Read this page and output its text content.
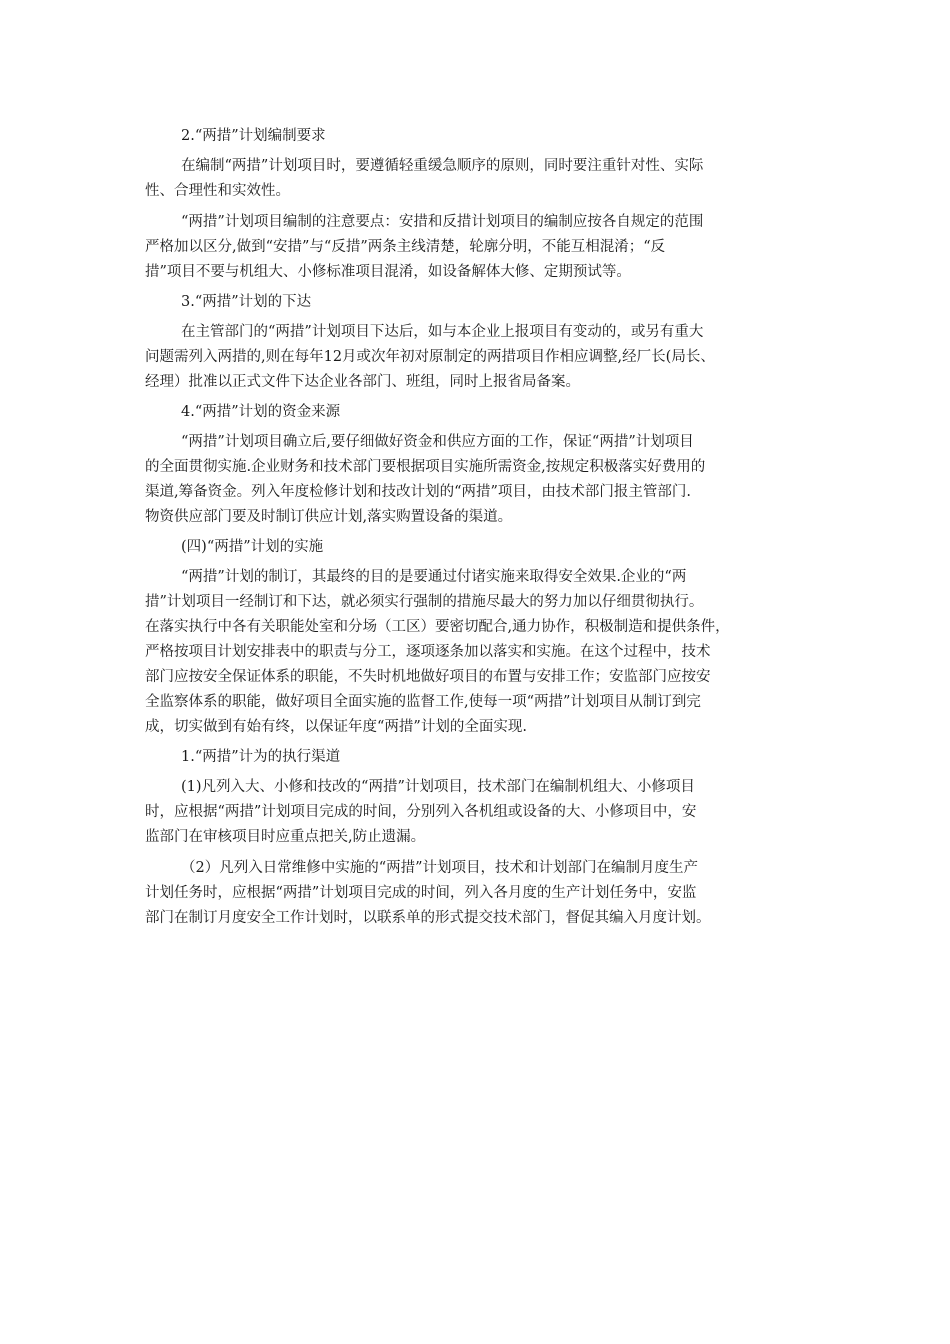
2.“两措”计划编制要求
在编制“两措”计划项目时，要遵循轻重缓急顺序的原则，同时要注重针对性、实际
性、合理性和实效性。
“两措”计划项目编制的注意要点：安措和反措计划项目的编制应按各自规定的范围
严格加以区分,做到“安措”与“反措”两条主线清楚，轮廓分明，不能互相混淆；“反
措”项目不要与机组大、小修标准项目混淆，如设备解体大修、定期预试等。
3.“两措”计划的下达
在主管部门的“两措”计划项目下达后，如与本企业上报项目有变动的，或另有重大
问题需列入两措的,则在每年12月或次年初对原制定的两措项目作相应调整,经厂长(局长、
经理）批准以正式文件下达企业各部门、班组，同时上报省局备案。
4.“两措”计划的资金来源
“两措”计划项目确立后,要仔细做好资金和供应方面的工作，保证“两措”计划项目
的全面贯彻实施.企业财务和技术部门要根据项目实施所需资金,按规定积极落实好费用的
渠道,筹备资金。列入年度检修计划和技改计划的“两措”项目，由技术部门报主管部门.
物资供应部门要及时制订供应计划,落实购置设备的渠道。
(四)“两措”计划的实施
“两措”计划的制订，其最终的目的是要通过付诸实施来取得安全效果.企业的“两
措”计划项目一经制订和下达，就必须实行强制的措施尽最大的努力加以仔细贯彻执行。
在落实执行中各有关职能处室和分场（工区）要密切配合,通力协作，积极制造和提供条件，
严格按项目计划安排表中的职责与分工，逐项逐条加以落实和实施。在这个过程中，技术
部门应按安全保证体系的职能，不失时机地做好项目的布置与安排工作；安监部门应按安
全监察体系的职能，做好项目全面实施的监督工作,使每一项“两措”计划项目从制订到完
成，切实做到有始有终，以保证年度“两措”计划的全面实现.
1.“两措”计为的执行渠道
(1)凡列入大、小修和技改的“两措”计划项目，技术部门在编制机组大、小修项目
时，应根据“两措”计划项目完成的时间，分别列入各机组或设备的大、小修项目中，安
监部门在审核项目时应重点把关,防止遗漏。
（2）凡列入日常维修中实施的“两措”计划项目，技术和计划部门在编制月度生产
计划任务时，应根据“两措”计划项目完成的时间，列入各月度的生产计划任务中，安监
部门在制订月度安全工作计划时，以联系单的形式提交技术部门，督促其编入月度计划。
